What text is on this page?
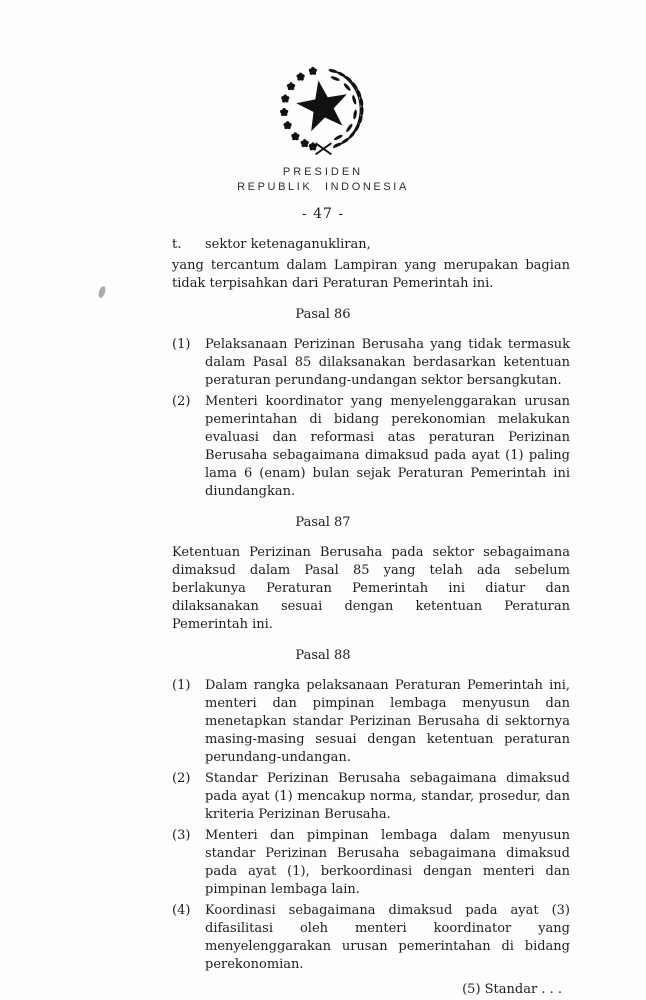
PRESIDEN
REPUBLIK INDONESIA
- 47 -
t.	sektor ketenaganukliran,

yang tercantum dalam Lampiran yang merupakan bagian tidak terpisahkan dari Peraturan Pemerintah ini.

Pasal 86
(1)	Pelaksanaan Perizinan Berusaha yang tidak termasuk dalam Pasal 85 dilaksanakan berdasarkan ketentuan peraturan perundang-undangan sektor bersangkutan.
(2)	Menteri koordinator yang menyelenggarakan urusan pemerintahan di bidang perekonomian melakukan evaluasi dan reformasi atas peraturan Perizinan Berusaha sebagaimana dimaksud pada ayat (1) paling lama 6 (enam) bulan sejak Peraturan Pemerintah ini diundangkan.
Pasal 87

Ketentuan Perizinan Berusaha pada sektor sebagaimana dimaksud dalam Pasal 85 yang telah ada sebelum berlakunya Peraturan Pemerintah ini diatur dan dilaksanakan sesuai dengan ketentuan Peraturan Pemerintah ini.

Pasal 88
(1)	Dalam rangka pelaksanaan Peraturan Pemerintah ini, menteri dan pimpinan lembaga menyusun dan menetapkan standar Perizinan Berusaha di sektornya masing-masing sesuai dengan ketentuan peraturan perundang-undangan.
(2)	Standar Perizinan Berusaha sebagaimana dimaksud pada ayat (1) mencakup norma, standar, prosedur, dan kriteria Perizinan Berusaha.
(3)	Menteri dan pimpinan lembaga dalam menyusun standar Perizinan Berusaha sebagaimana dimaksud pada ayat (1), berkoordinasi dengan menteri dan pimpinan lembaga lain.
(4)	Koordinasi sebagaimana dimaksud pada ayat (3) difasilitasi oleh menteri koordinator yang menyelenggarakan urusan pemerintahan di bidang perekonomian.
(5) Standar . . .
